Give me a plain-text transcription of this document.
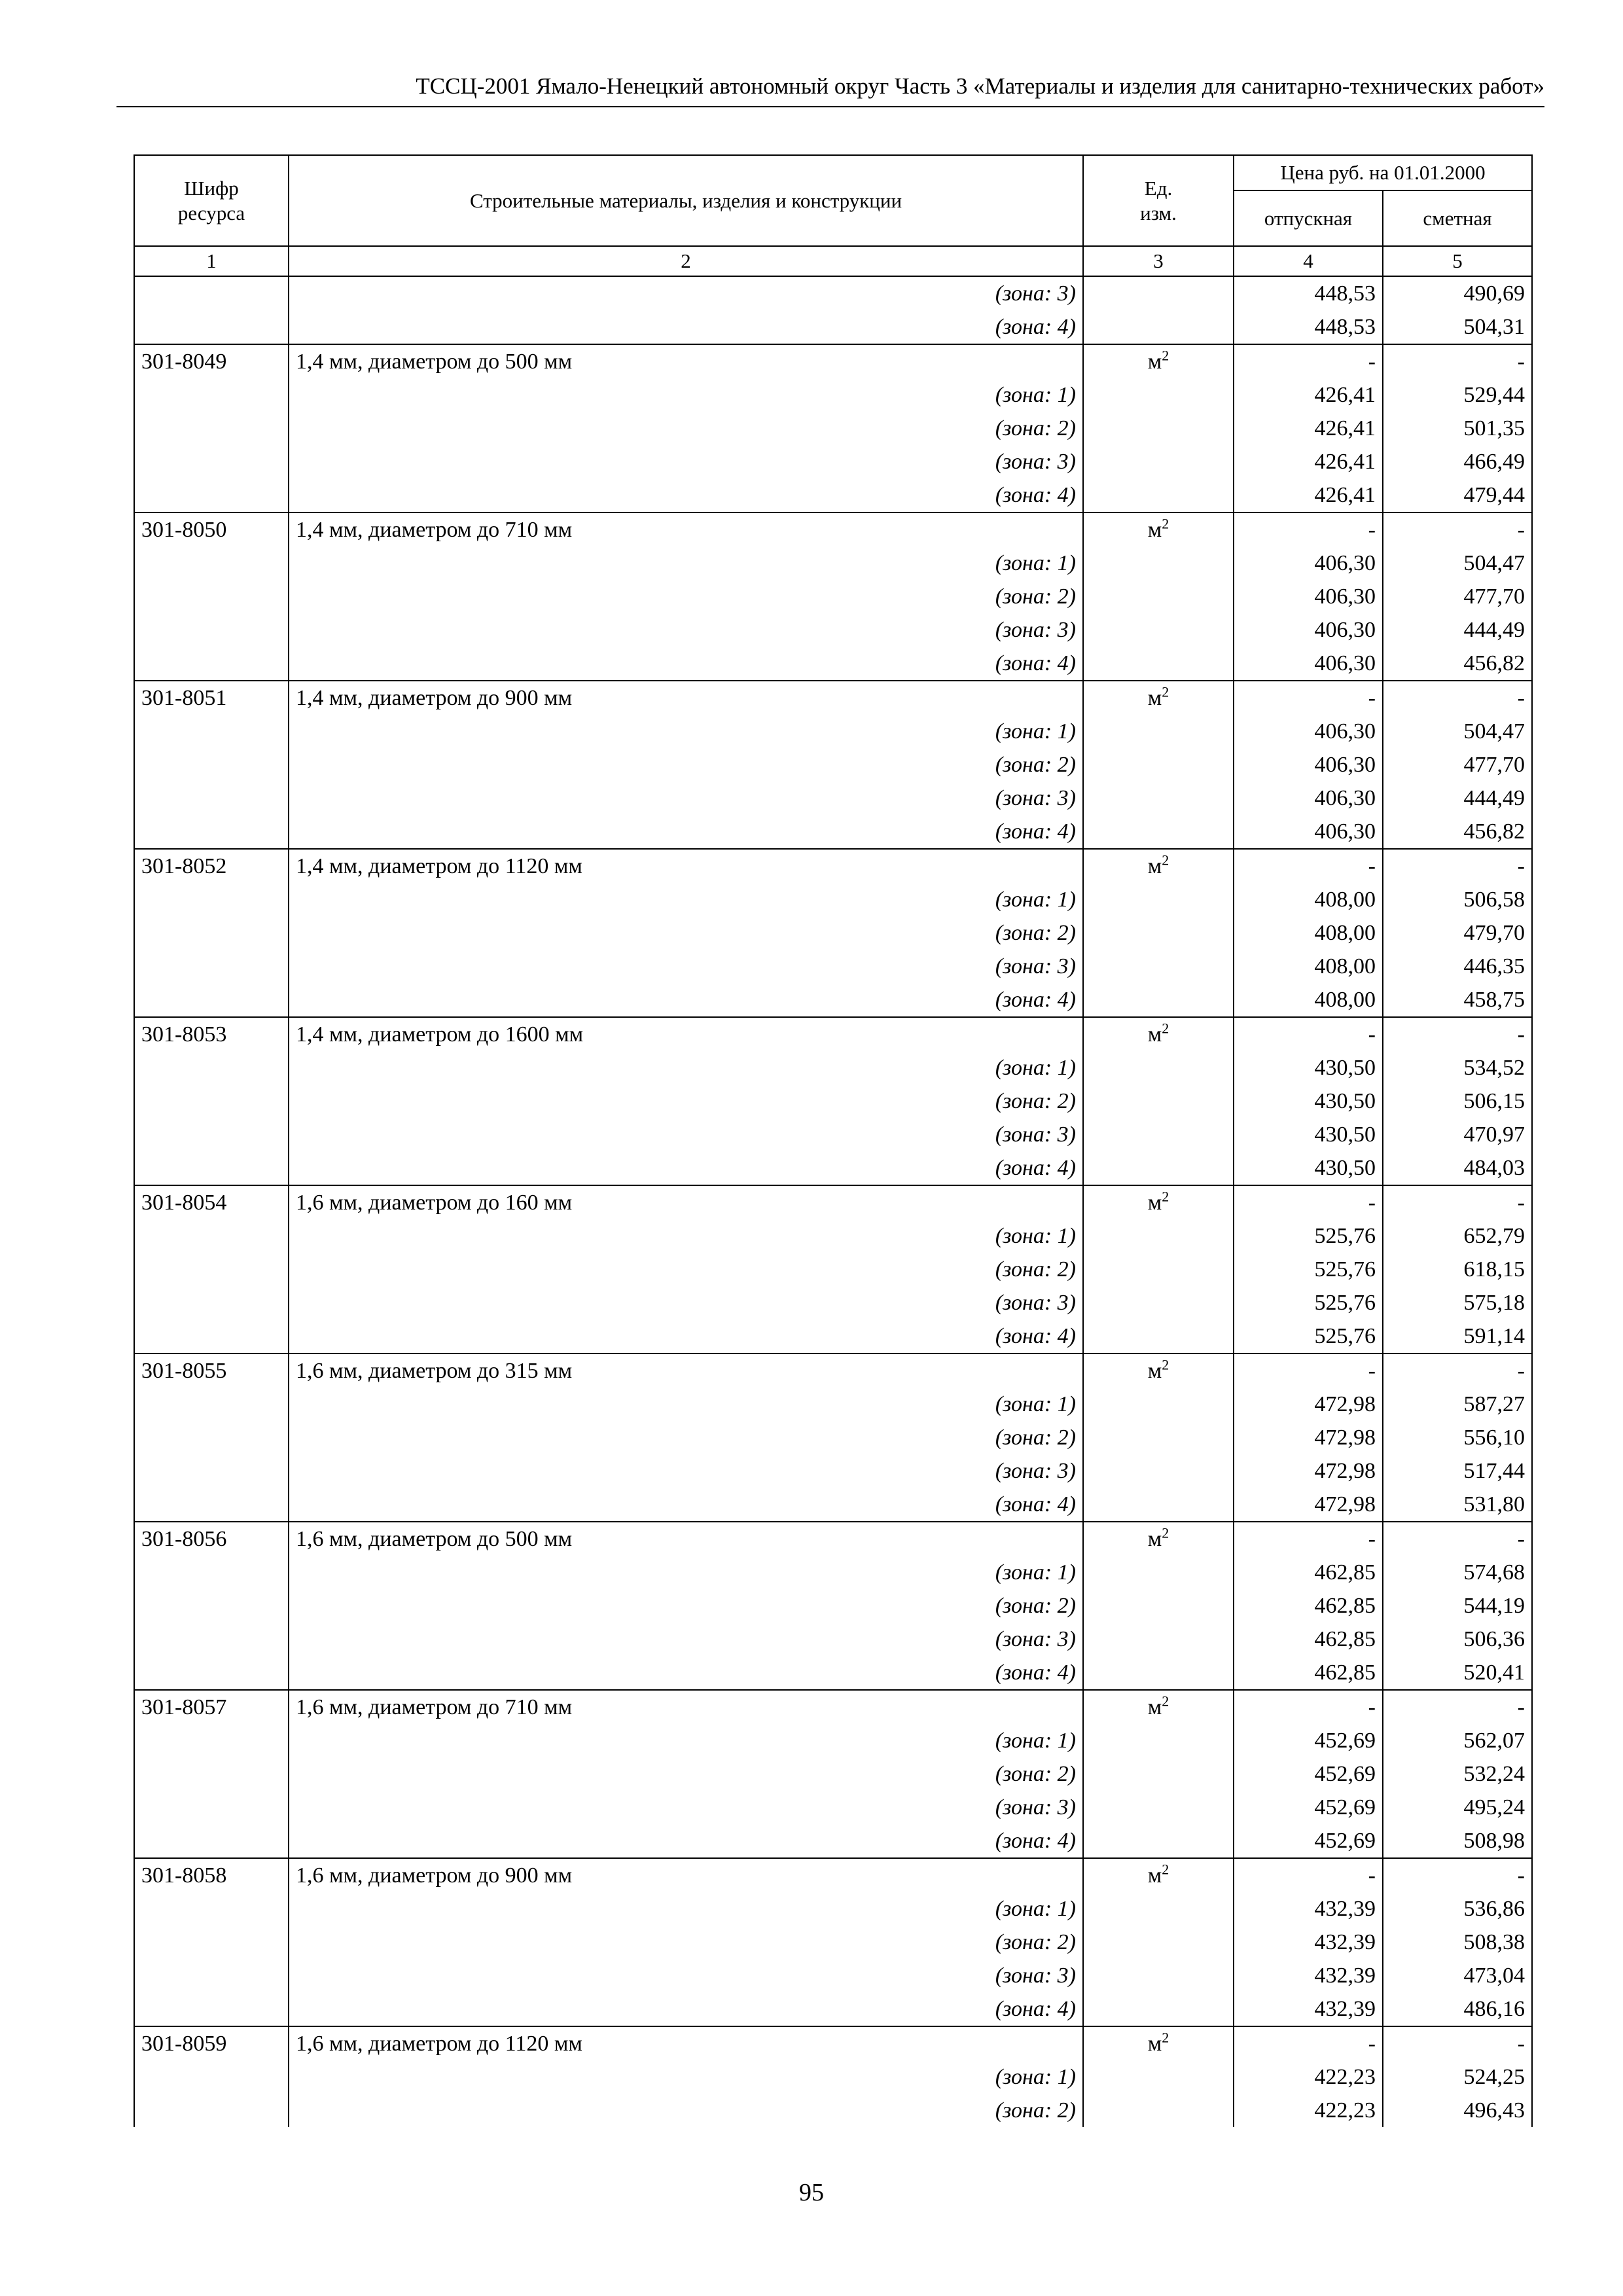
ТССЦ-2001 Ямало-Ненецкий автономный округ Часть 3 «Материалы и изделия для санитарно-технических работ»
Шифр ресурса	Строительные материалы, изделия и конструкции	Ед. изм.	Цена руб. на 01.01.2000	
			отпускная	сметная
1	2	3	4	5
	(зона: 3)		448,53	490,69
	(зона: 4)		448,53	504,31
301-8049	1,4 мм, диаметром до 500 мм	$м^2$	-	-
	(зона: 1)		426,41	529,44
	(зона: 2)		426,41	501,35
	(зона: 3)		426,41	466,49
	(зона: 4)		426,41	479,44
301-8050	1,4 мм, диаметром до 710 мм	$м^2$	-	-
	(зона: 1)		406,30	504,47
	(зона: 2)		406,30	477,70
	(зона: 3)		406,30	444,49
	(зона: 4)		406,30	456,82
301-8051	1,4 мм, диаметром до 900 мм	$м^2$	-	-
	(зона: 1)		406,30	504,47
	(зона: 2)		406,30	477,70
	(зона: 3)		406,30	444,49
	(зона: 4)		406,30	456,82
301-8052	1,4 мм, диаметром до 1120 мм	$м^2$	-	-
	(зона: 1)		408,00	506,58
	(зона: 2)		408,00	479,70
	(зона: 3)		408,00	446,35
	(зона: 4)		408,00	458,75
301-8053	1,4 мм, диаметром до 1600 мм	$м^2$	-	-
	(зона: 1)		430,50	534,52
	(зона: 2)		430,50	506,15
	(зона: 3)		430,50	470,97
	(зона: 4)		430,50	484,03
301-8054	1,6 мм, диаметром до 160 мм	$м^2$	-	-
	(зона: 1)		525,76	652,79
	(зона: 2)		525,76	618,15
	(зона: 3)		525,76	575,18
	(зона: 4)		525,76	591,14
301-8055	1,6 мм, диаметром до 315 мм	$м^2$	-	-
	(зона: 1)		472,98	587,27
	(зона: 2)		472,98	556,10
	(зона: 3)		472,98	517,44
	(зона: 4)		472,98	531,80
301-8056	1,6 мм, диаметром до 500 мм	$м^2$	-	-
	(зона: 1)		462,85	574,68
	(зона: 2)		462,85	544,19
	(зона: 3)		462,85	506,36
	(зона: 4)		462,85	520,41
301-8057	1,6 мм, диаметром до 710 мм	$м^2$	-	-
	(зона: 1)		452,69	562,07
	(зона: 2)		452,69	532,24
	(зона: 3)		452,69	495,24
	(зона: 4)		452,69	508,98
301-8058	1,6 мм, диаметром до 900 мм	$м^2$	-	-
	(зона: 1)		432,39	536,86
	(зона: 2)		432,39	508,38
	(зона: 3)		432,39	473,04
	(зона: 4)		432,39	486,16
301-8059	1,6 мм, диаметром до 1120 мм	$м^2$	-	-
	(зона: 1)		422,23	524,25
	(зона: 2)		422,23	496,43
95
